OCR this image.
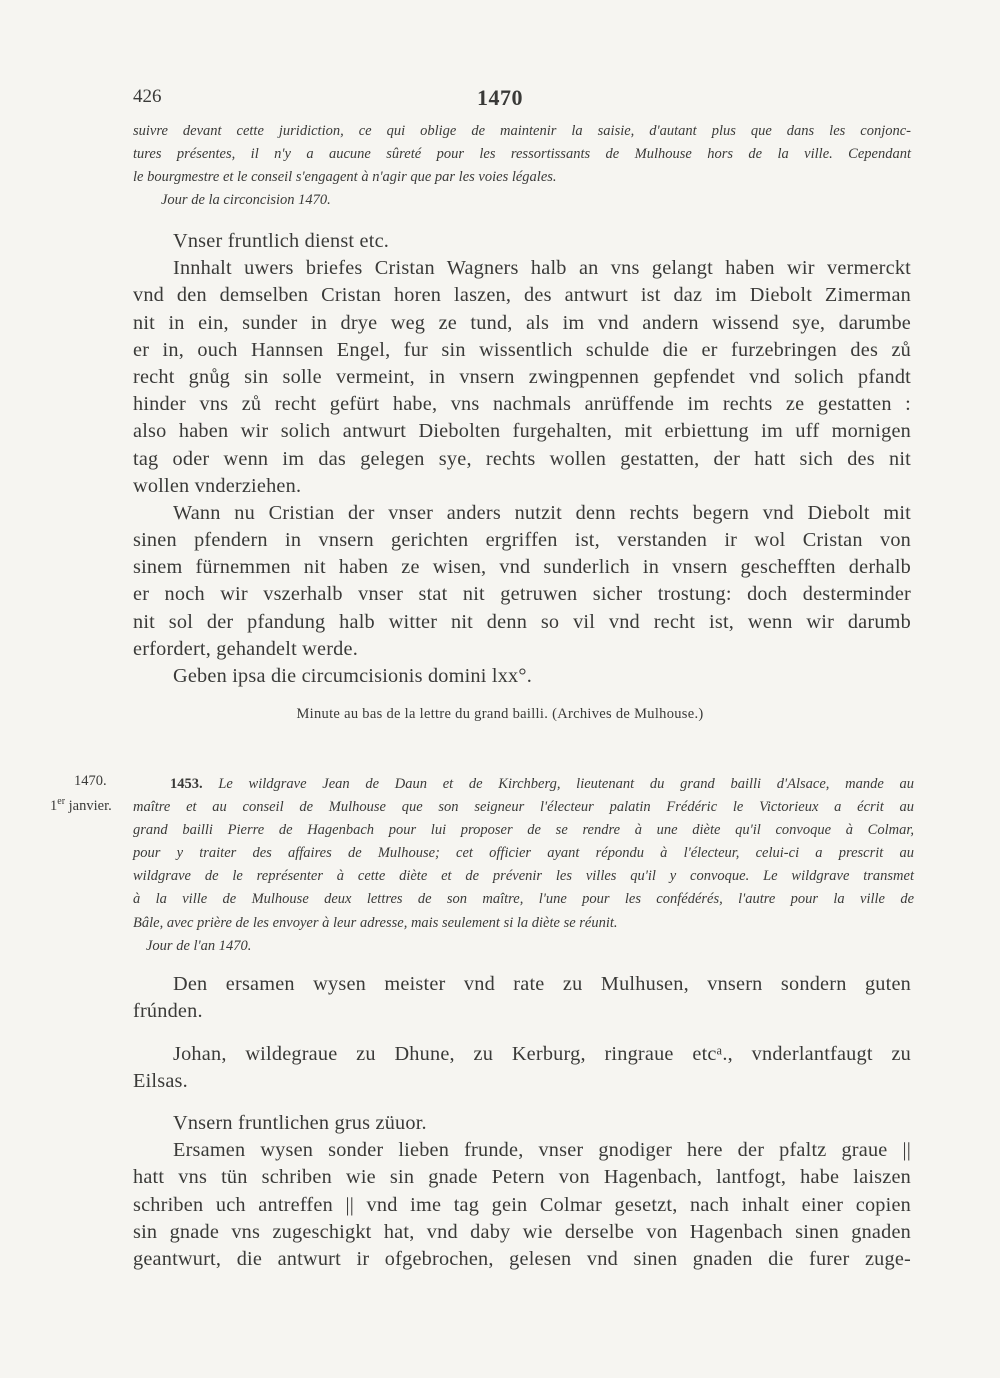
426	1470
suivre devant cette juridiction, ce qui oblige de maintenir la saisie, d'autant plus que dans les conjonc-
tures présentes, il n'y a aucune sûreté pour les ressortissants de Mulhouse hors de la ville. Cependant
le bourgmestre et le conseil s'engagent à n'agir que par les voies légales.
Jour de la circoncision 1470.
Vnser fruntlich dienst etc.
Innhalt uwers briefes Cristan Wagners halb an vns gelangt haben wir vermerckt
vnd den demselben Cristan horen laszen, des antwurt ist daz im Diebolt Zimerman
nit in ein, sunder in drye weg ze tund, als im vnd andern wissend sye, darumbe
er in, ouch Hannsen Engel, fur sin wissentlich schulde die er furzebringen des zů
recht gnůg sin solle vermeint, in vnsern zwingpennen gepfendet vnd solich pfandt
hinder vns zů recht gefürt habe, vns nachmals anrüffende im rechts ze gestatten :
also haben wir solich antwurt Diebolten furgehalten, mit erbiettung im uff mornigen
tag oder wenn im das gelegen sye, rechts wollen gestatten, der hatt sich des nit
wollen vnderziehen.
Wann nu Cristian der vnser anders nutzit denn rechts begern vnd Diebolt mit
sinen pfendern in vnsern gerichten ergriffen ist, verstanden ir wol Cristan von
sinem fürnemmen nit haben ze wisen, vnd sunderlich in vnsern geschefften derhalb
er noch wir vszerhalb vnser stat nit getruwen sicher trostung: doch desterminder
nit sol der pfandung halb witter nit denn so vil vnd recht ist, wenn wir darumb
erfordert, gehandelt werde.
Geben ipsa die circumcisionis domini lxx°.
Minute au bas de la lettre du grand bailli. (Archives de Mulhouse.)
1470.
1er janvier.
1453. Le wildgrave Jean de Daun et de Kirchberg, lieutenant du grand bailli d'Alsace, mande au
maître et au conseil de Mulhouse que son seigneur l'électeur palatin Frédéric le Victorieux a écrit au
grand bailli Pierre de Hagenbach pour lui proposer de se rendre à une diète qu'il convoque à Colmar,
pour y traiter des affaires de Mulhouse; cet officier ayant répondu à l'électeur, celui-ci a prescrit au
wildgrave de le représenter à cette diète et de prévenir les villes qu'il y convoque. Le wildgrave transmet
à la ville de Mulhouse deux lettres de son maître, l'une pour les confédérés, l'autre pour la ville de
Bâle, avec prière de les envoyer à leur adresse, mais seulement si la diète se réunit.
Jour de l'an 1470.
Den ersamen wysen meister vnd rate zu Mulhusen, vnsern sondern guten
frúnden.
Johan, wildegraue zu Dhune, zu Kerburg, ringraue etcᵃ., vnderlantfaugt zu
Eilsas.
Vnsern fruntlichen grus züuor.
Ersamen wysen sonder lieben frunde, vnser gnodiger here der pfaltz graue ||
hatt vns tün schriben wie sin gnade Petern von Hagenbach, lantfogt, habe laiszen
schriben uch antreffen || vnd ime tag gein Colmar gesetzt, nach inhalt einer copien
sin gnade vns zugeschigkt hat, vnd daby wie derselbe von Hagenbach sinen gnaden
geantwurt, die antwurt ir ofgebrochen, gelesen vnd sinen gnaden die furer zuge-
